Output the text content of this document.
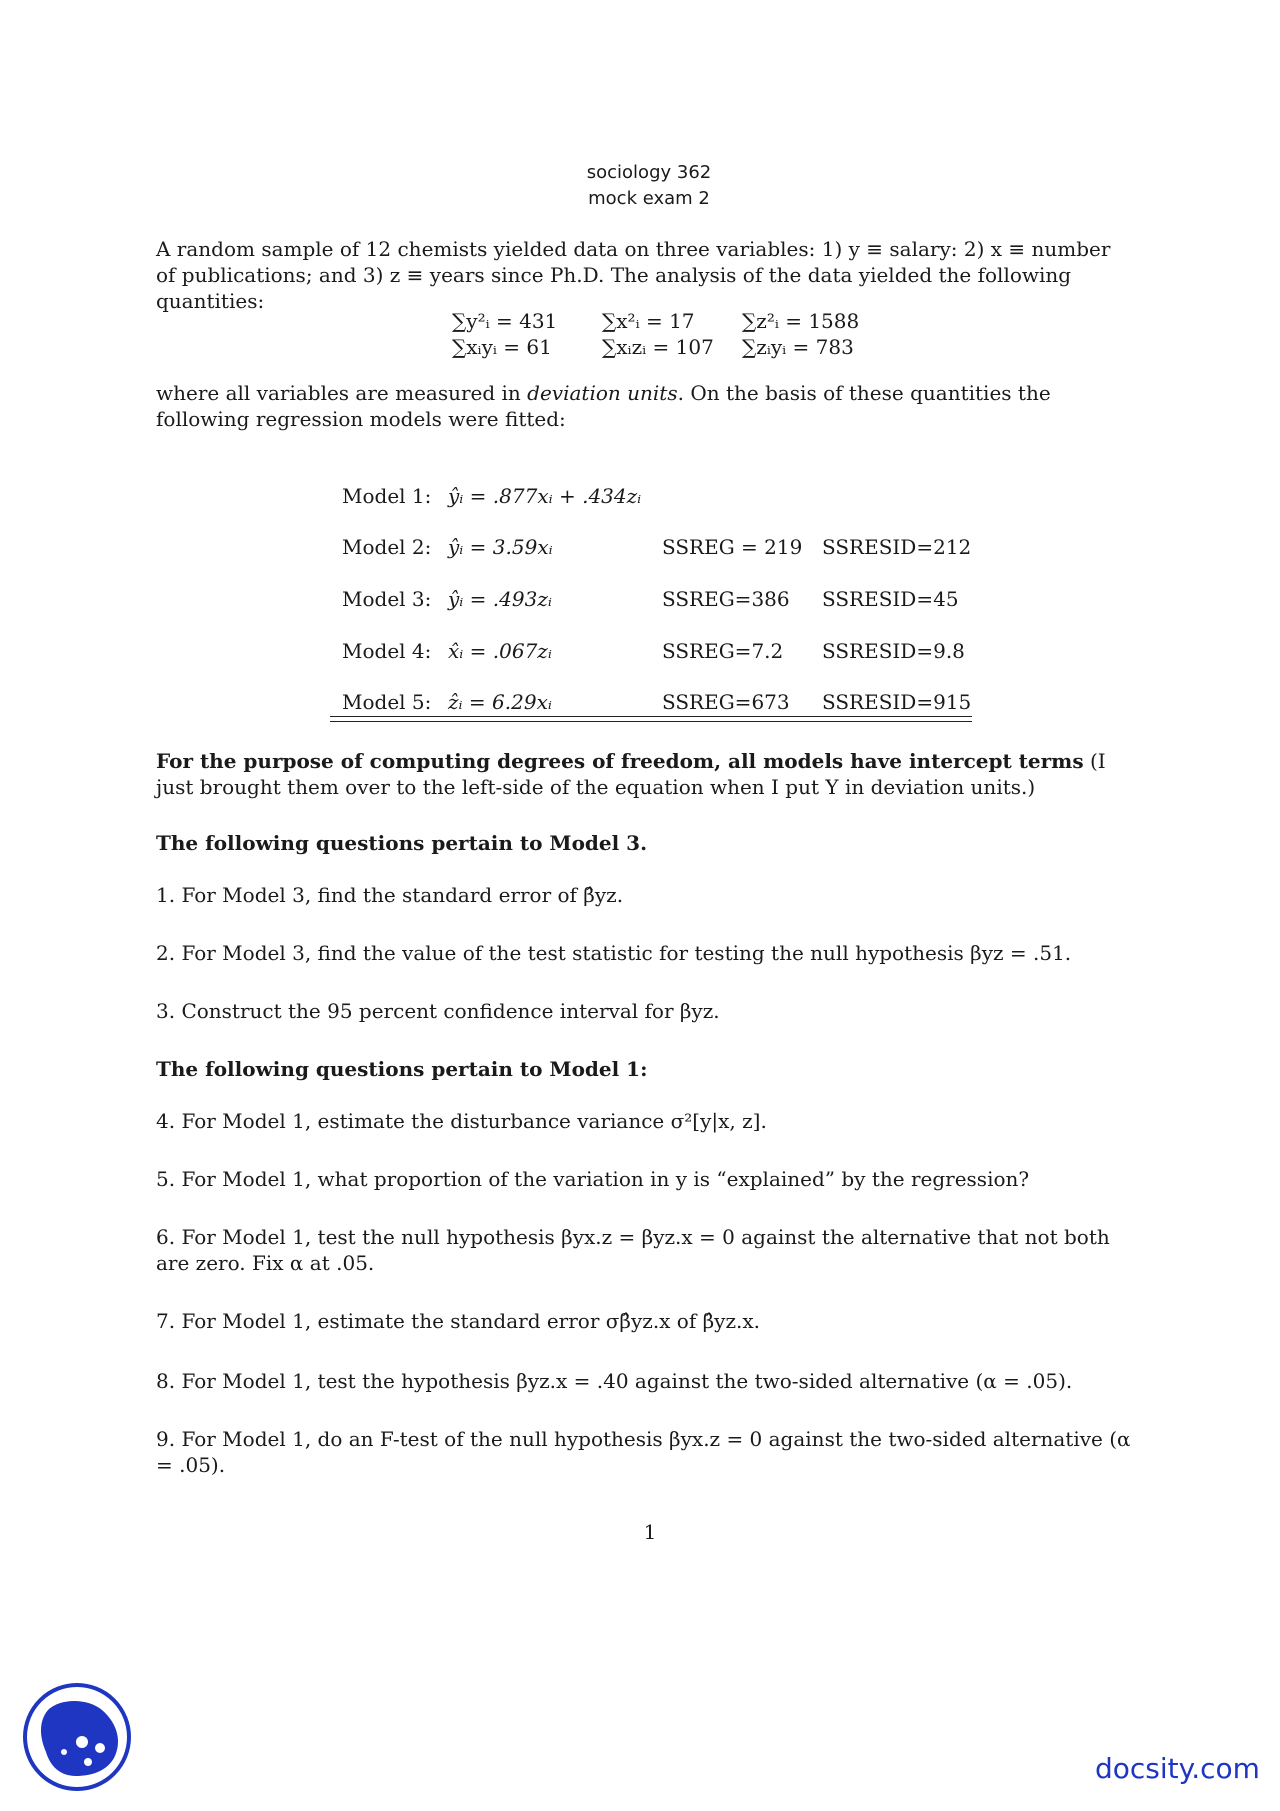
sociology 362
mock exam 2
A random sample of 12 chemists yielded data on three variables: 1) y ≡ salary: 2) x ≡ number of publications; and 3) z ≡ years since Ph.D. The analysis of the data yielded the following quantities:
∑y²ᵢ = 431 ∑x²ᵢ = 17 ∑z²ᵢ = 1588
∑xᵢyᵢ = 61	∑xᵢzᵢ = 107 ∑zᵢyᵢ = 783
where all variables are measured in deviation units. On the basis of these quantities the following regression models were fitted:
Model 1: ŷᵢ = .877xᵢ + .434zᵢ
Model 2: ŷᵢ = 3.59xᵢ	SSREG = 219 SSRESID=212
Model 3: ŷᵢ = .493zᵢ	SSREG=386 SSRESID=45
Model 4: x̂ᵢ = .067zᵢ	SSREG=7.2 SSRESID=9.8
Model 5: ẑᵢ = 6.29xᵢ	SSREG=673 SSRESID=915
For the purpose of computing degrees of freedom, all models have intercept terms (I just brought them over to the left-side of the equation when I put Y in deviation units.)
The following questions pertain to Model 3.
1. For Model 3, find the standard error of β̂yz.
2. For Model 3, find the value of the test statistic for testing the null hypothesis βyz = .51.
3. Construct the 95 percent confidence interval for βyz.
The following questions pertain to Model 1:
4. For Model 1, estimate the disturbance variance σ²[y|x, z].
5. For Model 1, what proportion of the variation in y is “explained” by the regression?
6. For Model 1, test the null hypothesis βyx.z = βyz.x = 0 against the alternative that not both are zero. Fix α at .05.
7. For Model 1, estimate the standard error σβ̂yz.x of β̂yz.x.
8. For Model 1, test the hypothesis βyz.x = .40 against the two-sided alternative (α = .05).
9. For Model 1, do an F-test of the null hypothesis βyx.z = 0 against the two-sided alternative (α = .05).
1
docsity.com
